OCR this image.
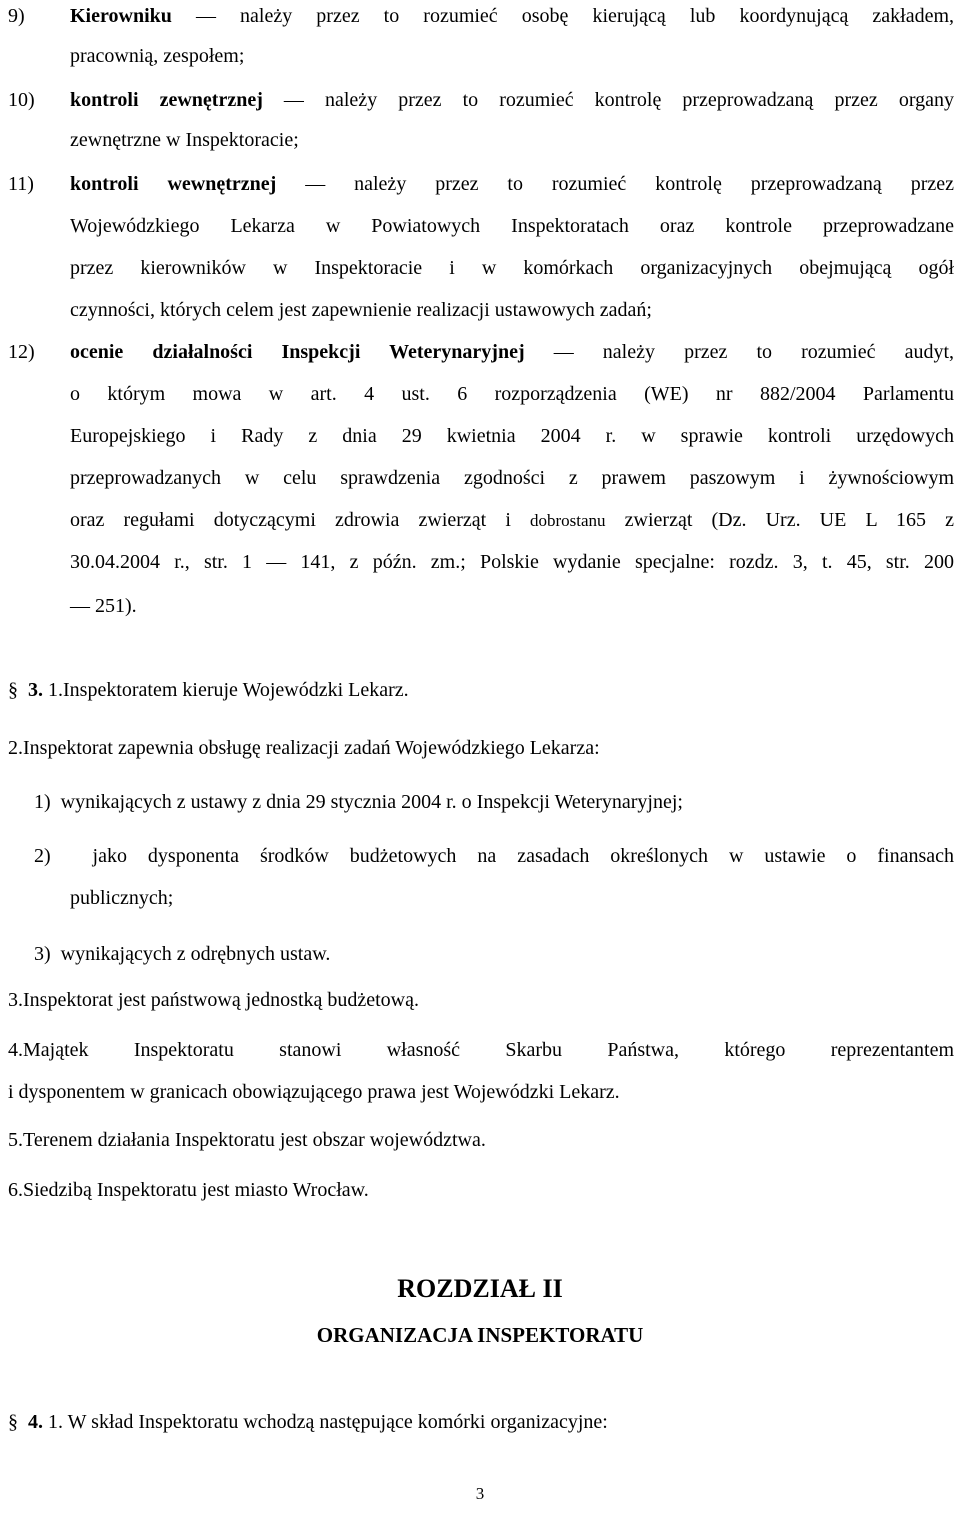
9) Kierowniku — należy przez to rozumieć osobę kierującą lub koordynującą zakładem,
pracownią, zespołem;
10) kontroli zewnętrznej — należy przez to rozumieć kontrolę przeprowadzaną przez organy
zewnętrzne w Inspektoracie;
11) kontroli wewnętrznej — należy przez to rozumieć kontrolę przeprowadzaną przez
Wojewódzkiego Lekarza w Powiatowych Inspektoratach oraz kontrole przeprowadzane
przez kierowników w Inspektoracie i w komórkach organizacyjnych obejmującą ogół
czynności, których celem jest zapewnienie realizacji ustawowych zadań;
12) ocenie działalności Inspekcji Weterynaryjnej — należy przez to rozumieć audyt,
o którym mowa w art. 4 ust. 6 rozporządzenia (WE) nr 882/2004 Parlamentu
Europejskiego i Rady z dnia 29 kwietnia 2004 r. w sprawie kontroli urzędowych
przeprowadzanych w celu sprawdzenia zgodności z prawem paszowym i żywnościowym
oraz regułami dotyczącymi zdrowia zwierząt i dobrostanu zwierząt (Dz. Urz. UE L 165 z
30.04.2004 r., str. 1 — 141, z późn. zm.; Polskie wydanie specjalne: rozdz. 3, t. 45, str. 200
— 251).
§ 3. 1.Inspektoratem kieruje Wojewódzki Lekarz.
2.Inspektorat zapewnia obsługę realizacji zadań Wojewódzkiego Lekarza:
1)  wynikających z ustawy z dnia 29 stycznia 2004 r. o Inspekcji Weterynaryjnej;
2)  jako dysponenta środków budżetowych na zasadach określonych w ustawie o finansach
publicznych;
3)  wynikających z odrębnych ustaw.
3.Inspektorat jest państwową jednostką budżetową.
4.Majątek Inspektoratu stanowi własność Skarbu Państwa, którego reprezentantem
i dysponentem w granicach obowiązującego prawa jest Wojewódzki Lekarz.
5.Terenem działania Inspektoratu jest obszar województwa.
6.Siedzibą Inspektoratu jest miasto Wrocław.
ROZDZIAŁ II
ORGANIZACJA INSPEKTORATU
§ 4. 1. W skład Inspektoratu wchodzą następujące komórki organizacyjne:
3
